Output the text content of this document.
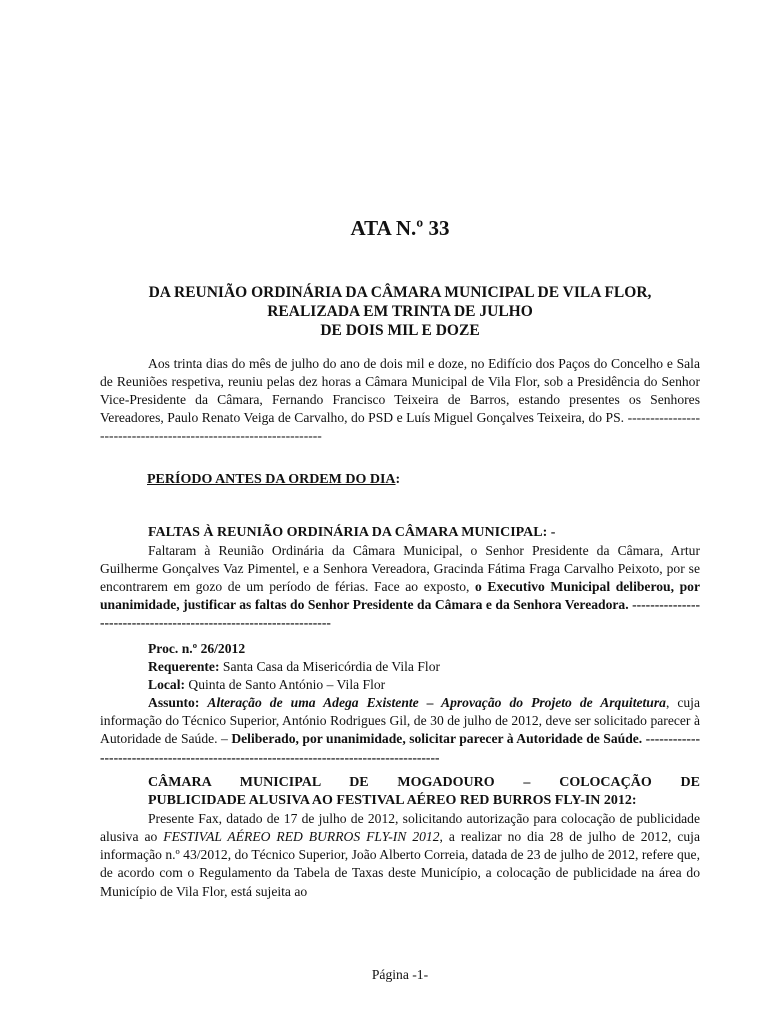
ATA N.º 33
DA REUNIÃO ORDINÁRIA DA CÂMARA MUNICIPAL DE VILA FLOR,
REALIZADA EM TRINTA DE JULHO
DE DOIS MIL E DOZE

Aos trinta dias do mês de julho do ano de dois mil e doze, no Edifício dos Paços do Concelho e Sala de Reuniões respetiva, reuniu pelas dez horas a Câmara Municipal de Vila Flor, sob a Presidência do Senhor Vice-Presidente da Câmara, Fernando Francisco Teixeira de Barros, estando presentes os Senhores Vereadores, Paulo Renato Veiga de Carvalho, do PSD e Luís Miguel Gonçalves Teixeira, do PS. -----------------------------------------------------------------

PERÍODO ANTES DA ORDEM DO DIA:

FALTAS À REUNIÃO ORDINÁRIA DA CÂMARA MUNICIPAL: -

Faltaram à Reunião Ordinária da Câmara Municipal, o Senhor Presidente da Câmara, Artur Guilherme Gonçalves Vaz Pimentel, e a Senhora Vereadora, Gracinda Fátima Fraga Carvalho Peixoto, por se encontrarem em gozo de um período de férias. Face ao exposto, o Executivo Municipal deliberou, por unanimidade, justificar as faltas do Senhor Presidente da Câmara e da Senhora Vereadora. ------------------------------------------------------------------

Proc. n.º 26/2012

Requerente: Santa Casa da Misericórdia de Vila Flor

Local: Quinta de Santo António – Vila Flor

Assunto: Alteração de uma Adega Existente – Aprovação do Projeto de Arquitetura, cuja informação do Técnico Superior, António Rodrigues Gil, de 30 de julho de 2012, deve ser solicitado parecer à Autoridade de Saúde. – Deliberado, por unanimidade, solicitar parecer à Autoridade de Saúde. ---------------------------------------------------------------------------------------

CÂMARA MUNICIPAL DE MOGADOURO – COLOCAÇÃO DE

PUBLICIDADE ALUSIVA AO FESTIVAL AÉREO RED BURROS FLY-IN 2012:

Presente Fax, datado de 17 de julho de 2012, solicitando autorização para colocação de publicidade alusiva ao FESTIVAL AÉREO RED BURROS FLY-IN 2012, a realizar no dia 28 de julho de 2012, cuja informação n.º 43/2012, do Técnico Superior, João Alberto Correia, datada de 23 de julho de 2012, refere que, de acordo com o Regulamento da Tabela de Taxas deste Município, a colocação de publicidade na área do Município de Vila Flor, está sujeita ao

Página -1-
